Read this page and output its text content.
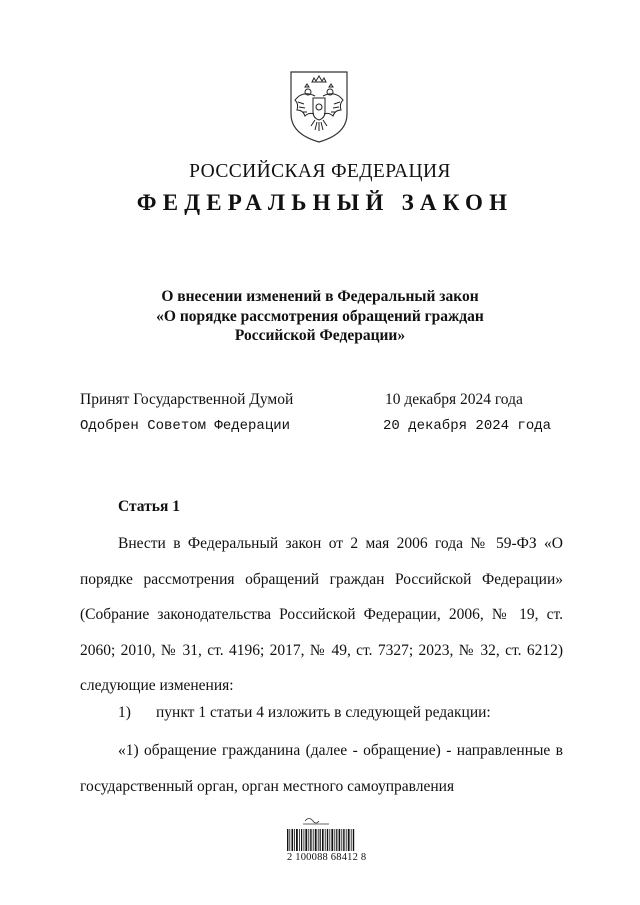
РОССИЙСКАЯ ФЕДЕРАЦИЯ
ФЕДЕРАЛЬНЫЙ ЗАКОН
О внесении изменений в Федеральный закон
«О порядке рассмотрения обращений граждан
Российской Федерации»
Принят Государственной Думой	10 декабря 2024 года
Одобрен Советом Федерации	20 декабря 2024 года
Статья 1
Внести в Федеральный закон от 2 мая 2006 года № 59-ФЗ «О порядке рассмотрения обращений граждан Российской Федерации» (Собрание законодательства Российской Федерации, 2006, № 19, ст. 2060; 2010, № 31, ст. 4196; 2017, № 49, ст. 7327; 2023, № 32, ст. 6212) следующие изменения:
1) пункт 1 статьи 4 изложить в следующей редакции:
«1) обращение гражданина (далее - обращение) - направленные в государственный орган, орган местного самоуправления
2 100088 68412 8
